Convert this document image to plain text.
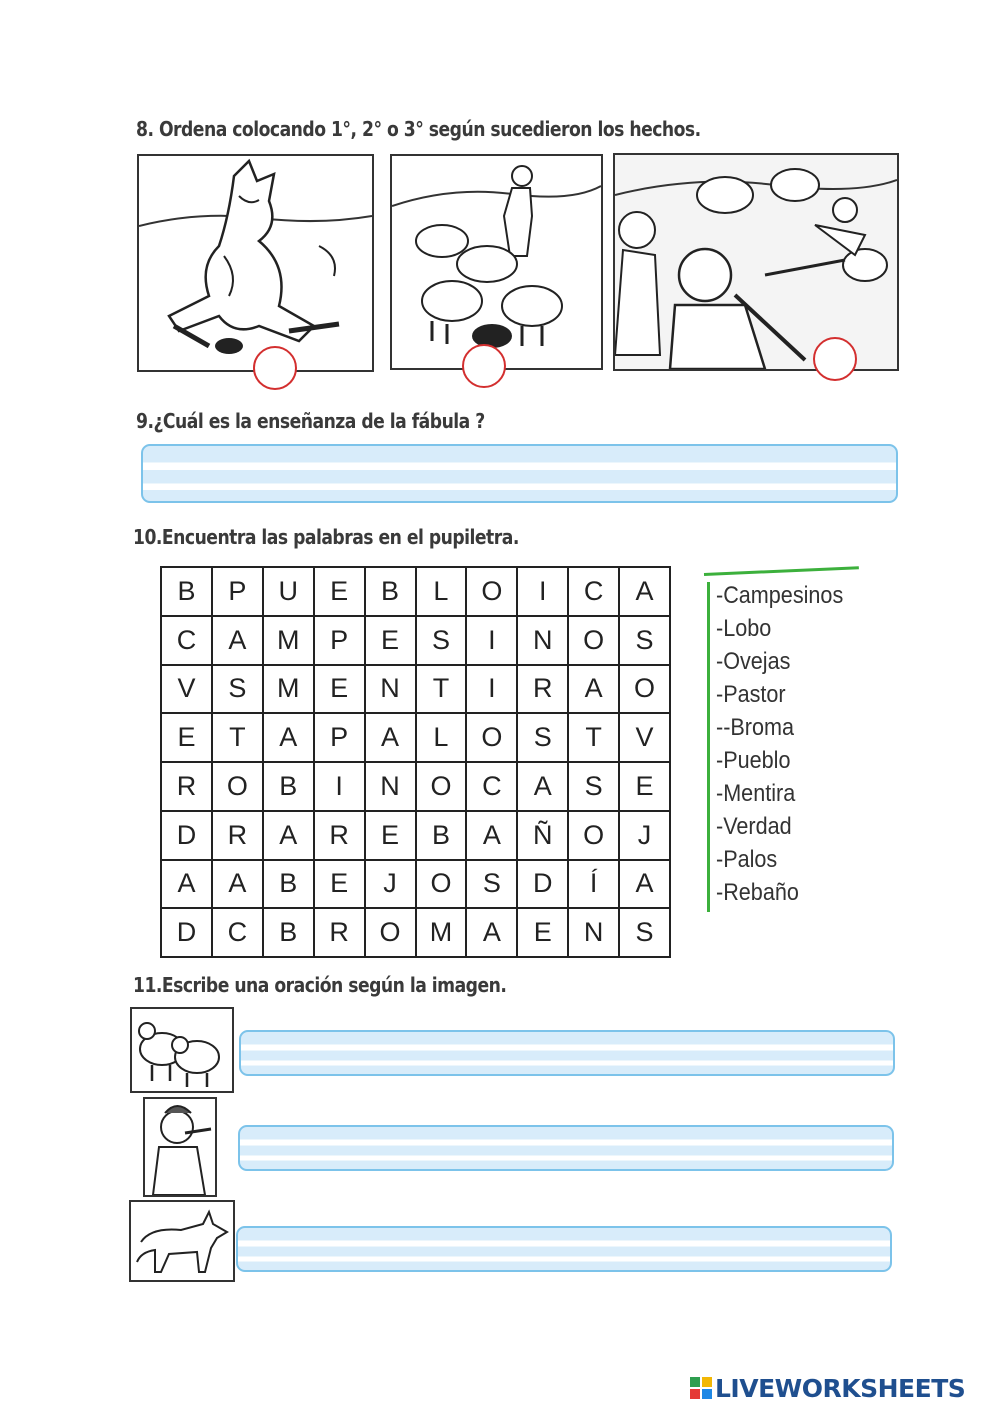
8. Ordena colocando 1°, 2° o 3° según sucedieron los hechos.
9.¿Cuál es la enseñanza de la fábula ?
10.Encuentra las palabras en el pupiletra.
B	P	U	E	B	L	O	I	C	A
C	A	M	P	E	S	I	N	O	S
V	S	M	E	N	T	I	R	A	O
E	T	A	P	A	L	O	S	T	V
R	O	B	I	N	O	C	A	S	E
D	R	A	R	E	B	A	Ñ	O	J
A	A	B	E	J	O	S	D	Í	A
D	C	B	R	O	M	A	E	N	S
-Campesinos
-Lobo
-Ovejas
-Pastor
--Broma
-Pueblo
-Mentira
-Verdad
-Palos
-Rebaño
11.Escribe una oración según la imagen.
LIVEWORKSHEETS
